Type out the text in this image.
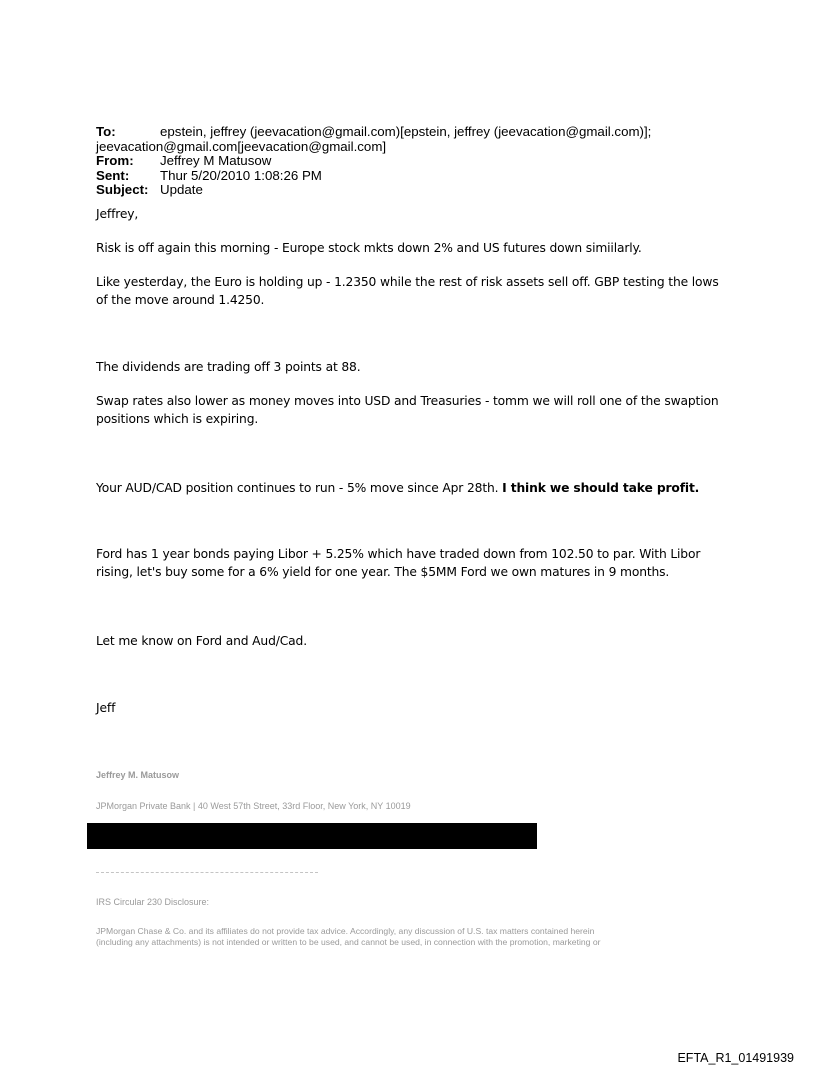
To:	epstein, jeffrey (jeevacation@gmail.com)[epstein, jeffrey (jeevacation@gmail.com)];
jeevacation@gmail.com[jeevacation@gmail.com]
From: Jeffrey M Matusow
Sent: Thur 5/20/2010 1:08:26 PM
Subject: Update
Jeffrey,
Risk is off again this morning - Europe stock mkts down 2% and US futures down simiilarly.
Like yesterday, the Euro is holding up - 1.2350 while the rest of risk assets sell off. GBP testing the lows
of the move around 1.4250.
The dividends are trading off 3 points at 88.
Swap rates also lower as money moves into USD and Treasuries - tomm we will roll one of the swaption
positions which is expiring.
Your AUD/CAD position continues to run - 5% move since Apr 28th. I think we should take profit.
Ford has 1 year bonds paying Libor + 5.25% which have traded down from 102.50 to par. With Libor
rising, let's buy some for a 6% yield for one year. The $5MM Ford we own matures in 9 months.
Let me know on Ford and Aud/Cad.
Jeff
Jeffrey M. Matusow
JPMorgan Private Bank | 40 West 57th Street, 33rd Floor, New York, NY 10019
IRS Circular 230 Disclosure:
JPMorgan Chase & Co. and its affiliates do not provide tax advice. Accordingly, any discussion of U.S. tax matters contained herein
(including any attachments) is not intended or written to be used, and cannot be used, in connection with the promotion, marketing or
EFTA_R1_01491939
